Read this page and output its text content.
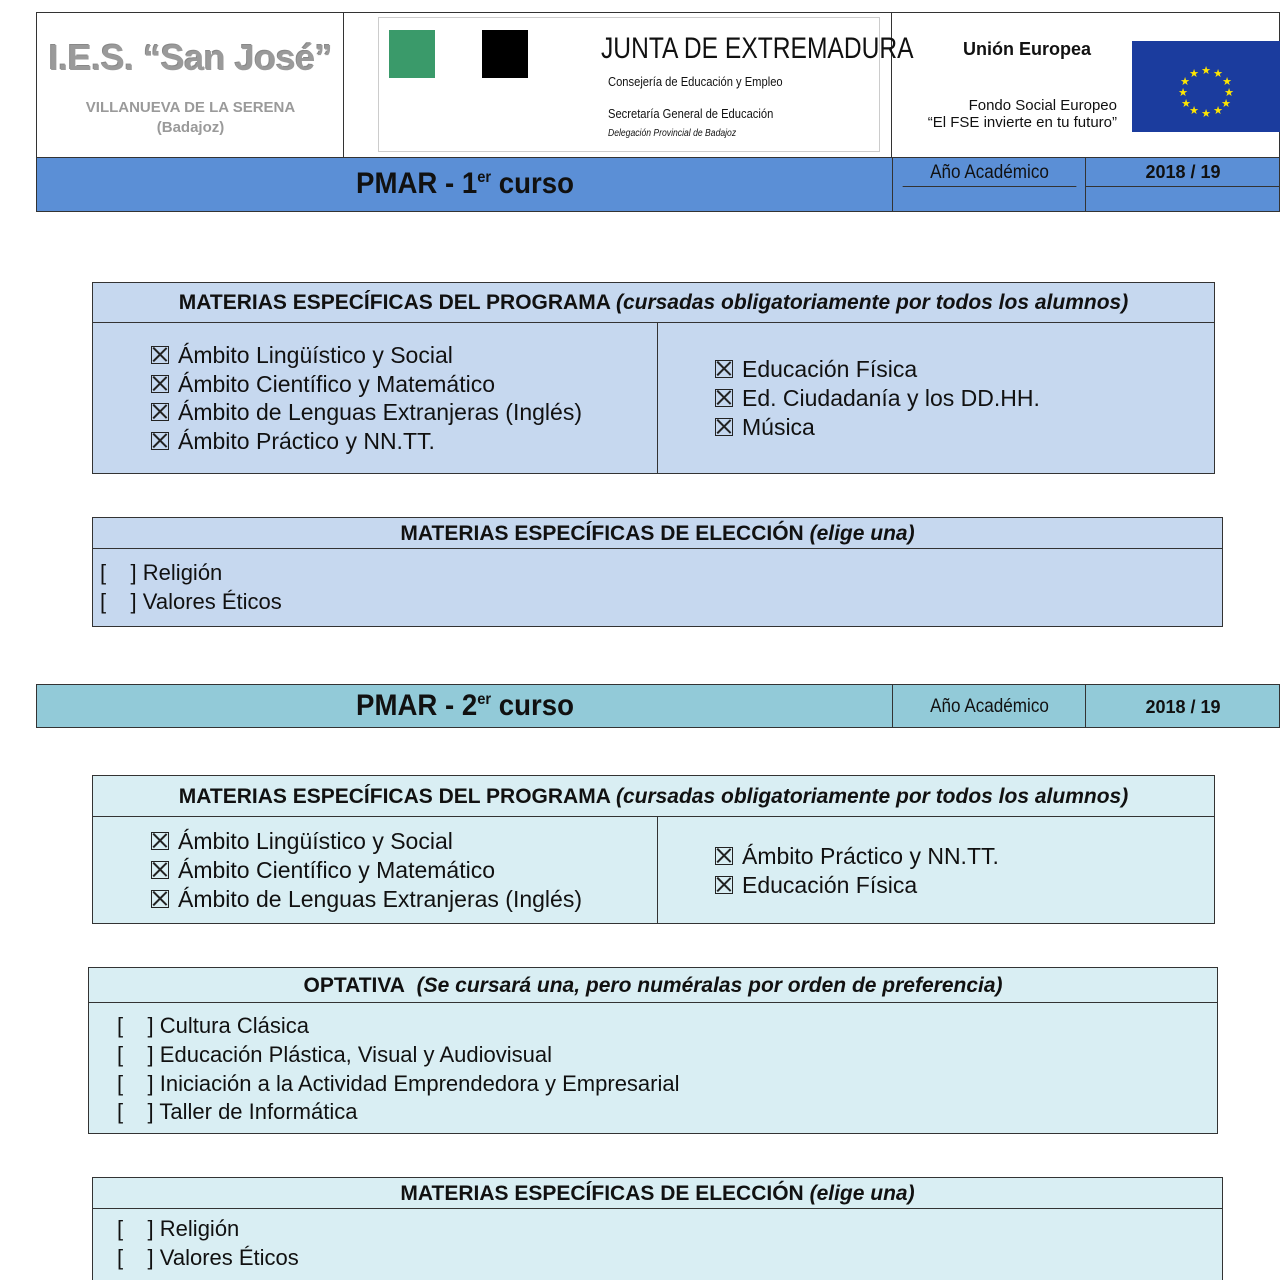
I.E.S. “San José”
VILLANUEVA DE LA SERENA
(Badajoz)
JUNTA DE EXTREMADURA
Consejería de Educación y Empleo
Secretaría General de Educación
Delegación Provincial de Badajoz
Unión Europea
Fondo Social Europeo
“El FSE invierte en tu futuro”
★ ★
★
★
★
★
★
★
★
★
★
★
PMAR - 1er curso	Año Académico	2018 / 19
MATERIAS ESPECÍFICAS DEL PROGRAMA (cursadas obligatoriamente por todos los alumnos)
Ámbito Lingüístico y Social
Ámbito Científico y Matemático
Ámbito de Lenguas Extranjeras (Inglés)
Ámbito Práctico y NN.TT.
Educación Física
Ed. Ciudadanía y los DD.HH.
Música
MATERIAS ESPECÍFICAS DE ELECCIÓN (elige una)
[    ] Religión
[    ] Valores Éticos
PMAR - 2er curso	Año Académico	2018 / 19
MATERIAS ESPECÍFICAS DEL PROGRAMA (cursadas obligatoriamente por todos los alumnos)
Ámbito Lingüístico y Social
Ámbito Científico y Matemático
Ámbito de Lenguas Extranjeras (Inglés)
Ámbito Práctico y NN.TT.
Educación Física
OPTATIVA (Se cursará una, pero numéralas por orden de preferencia)
[    ] Cultura Clásica
[    ] Educación Plástica, Visual y Audiovisual
[    ] Iniciación a la Actividad Emprendedora y Empresarial
[    ] Taller de Informática
MATERIAS ESPECÍFICAS DE ELECCIÓN (elige una)
[    ] Religión
[    ] Valores Éticos
